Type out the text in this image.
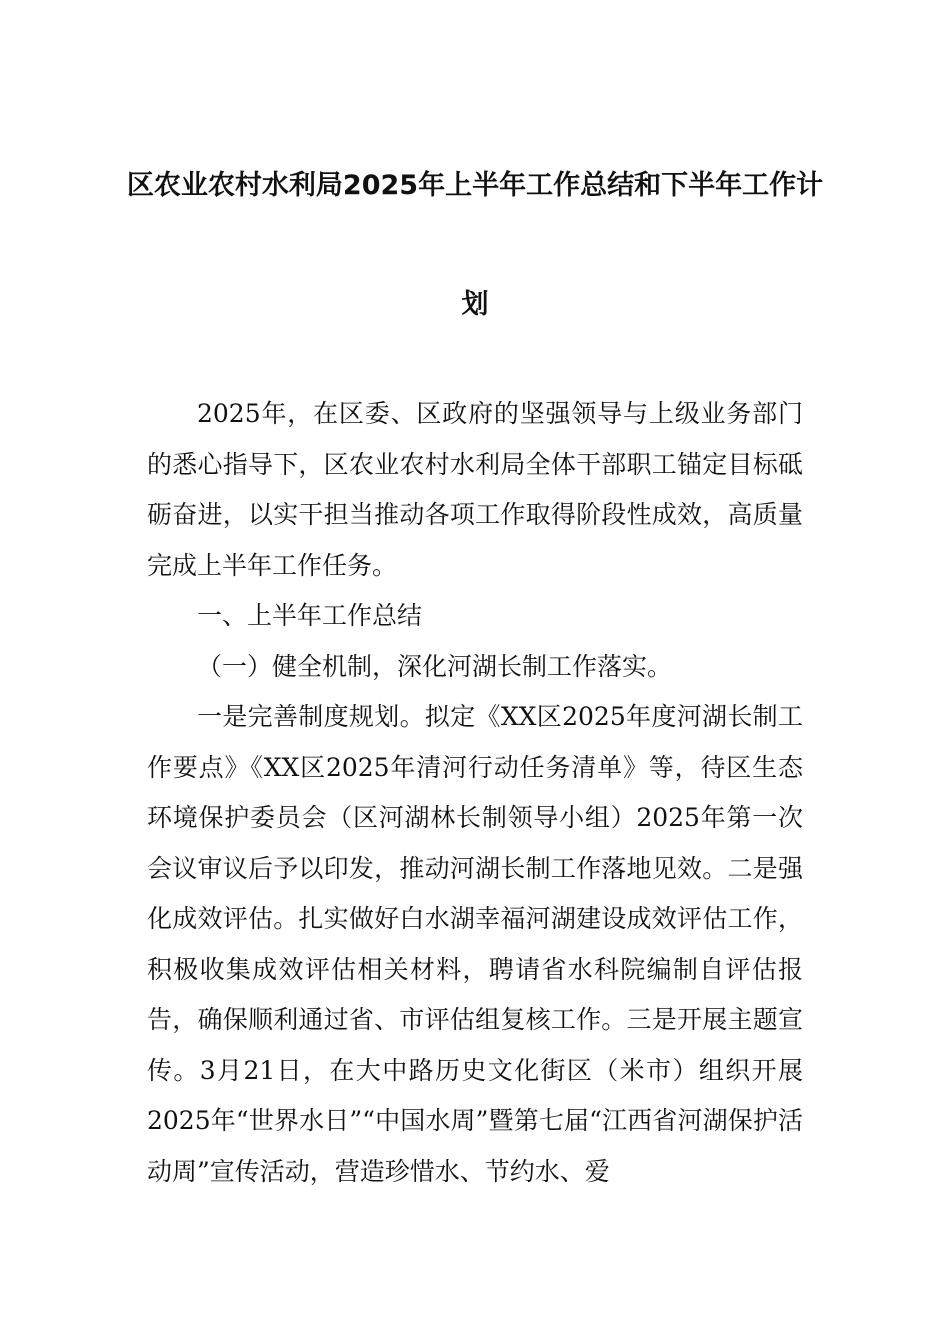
区农业农村水利局2025年上半年工作总结和下半年工作计
划

2025年，在区委、区政府的坚强领导与上级业务部门的悉心指导下，区农业农村水利局全体干部职工锚定目标砥砺奋进，以实干担当推动各项工作取得阶段性成效，高质量完成上半年工作任务。

一、上半年工作总结

（一）健全机制，深化河湖长制工作落实。

一是完善制度规划。拟定《XX区2025年度河湖长制工作要点》《XX区2025年清河行动任务清单》等，待区生态环境保护委员会（区河湖林长制领导小组）2025年第一次会议审议后予以印发，推动河湖长制工作落地见效。二是强化成效评估。扎实做好白水湖幸福河湖建设成效评估工作，积极收集成效评估相关材料，聘请省水科院编制自评估报告，确保顺利通过省、市评估组复核工作。三是开展主题宣传。3月21日，在大中路历史文化街区（米市）组织开展2025年“世界水日”“中国水周”暨第七届“江西省河湖保护活动周”宣传活动，营造珍惜水、节约水、爱
